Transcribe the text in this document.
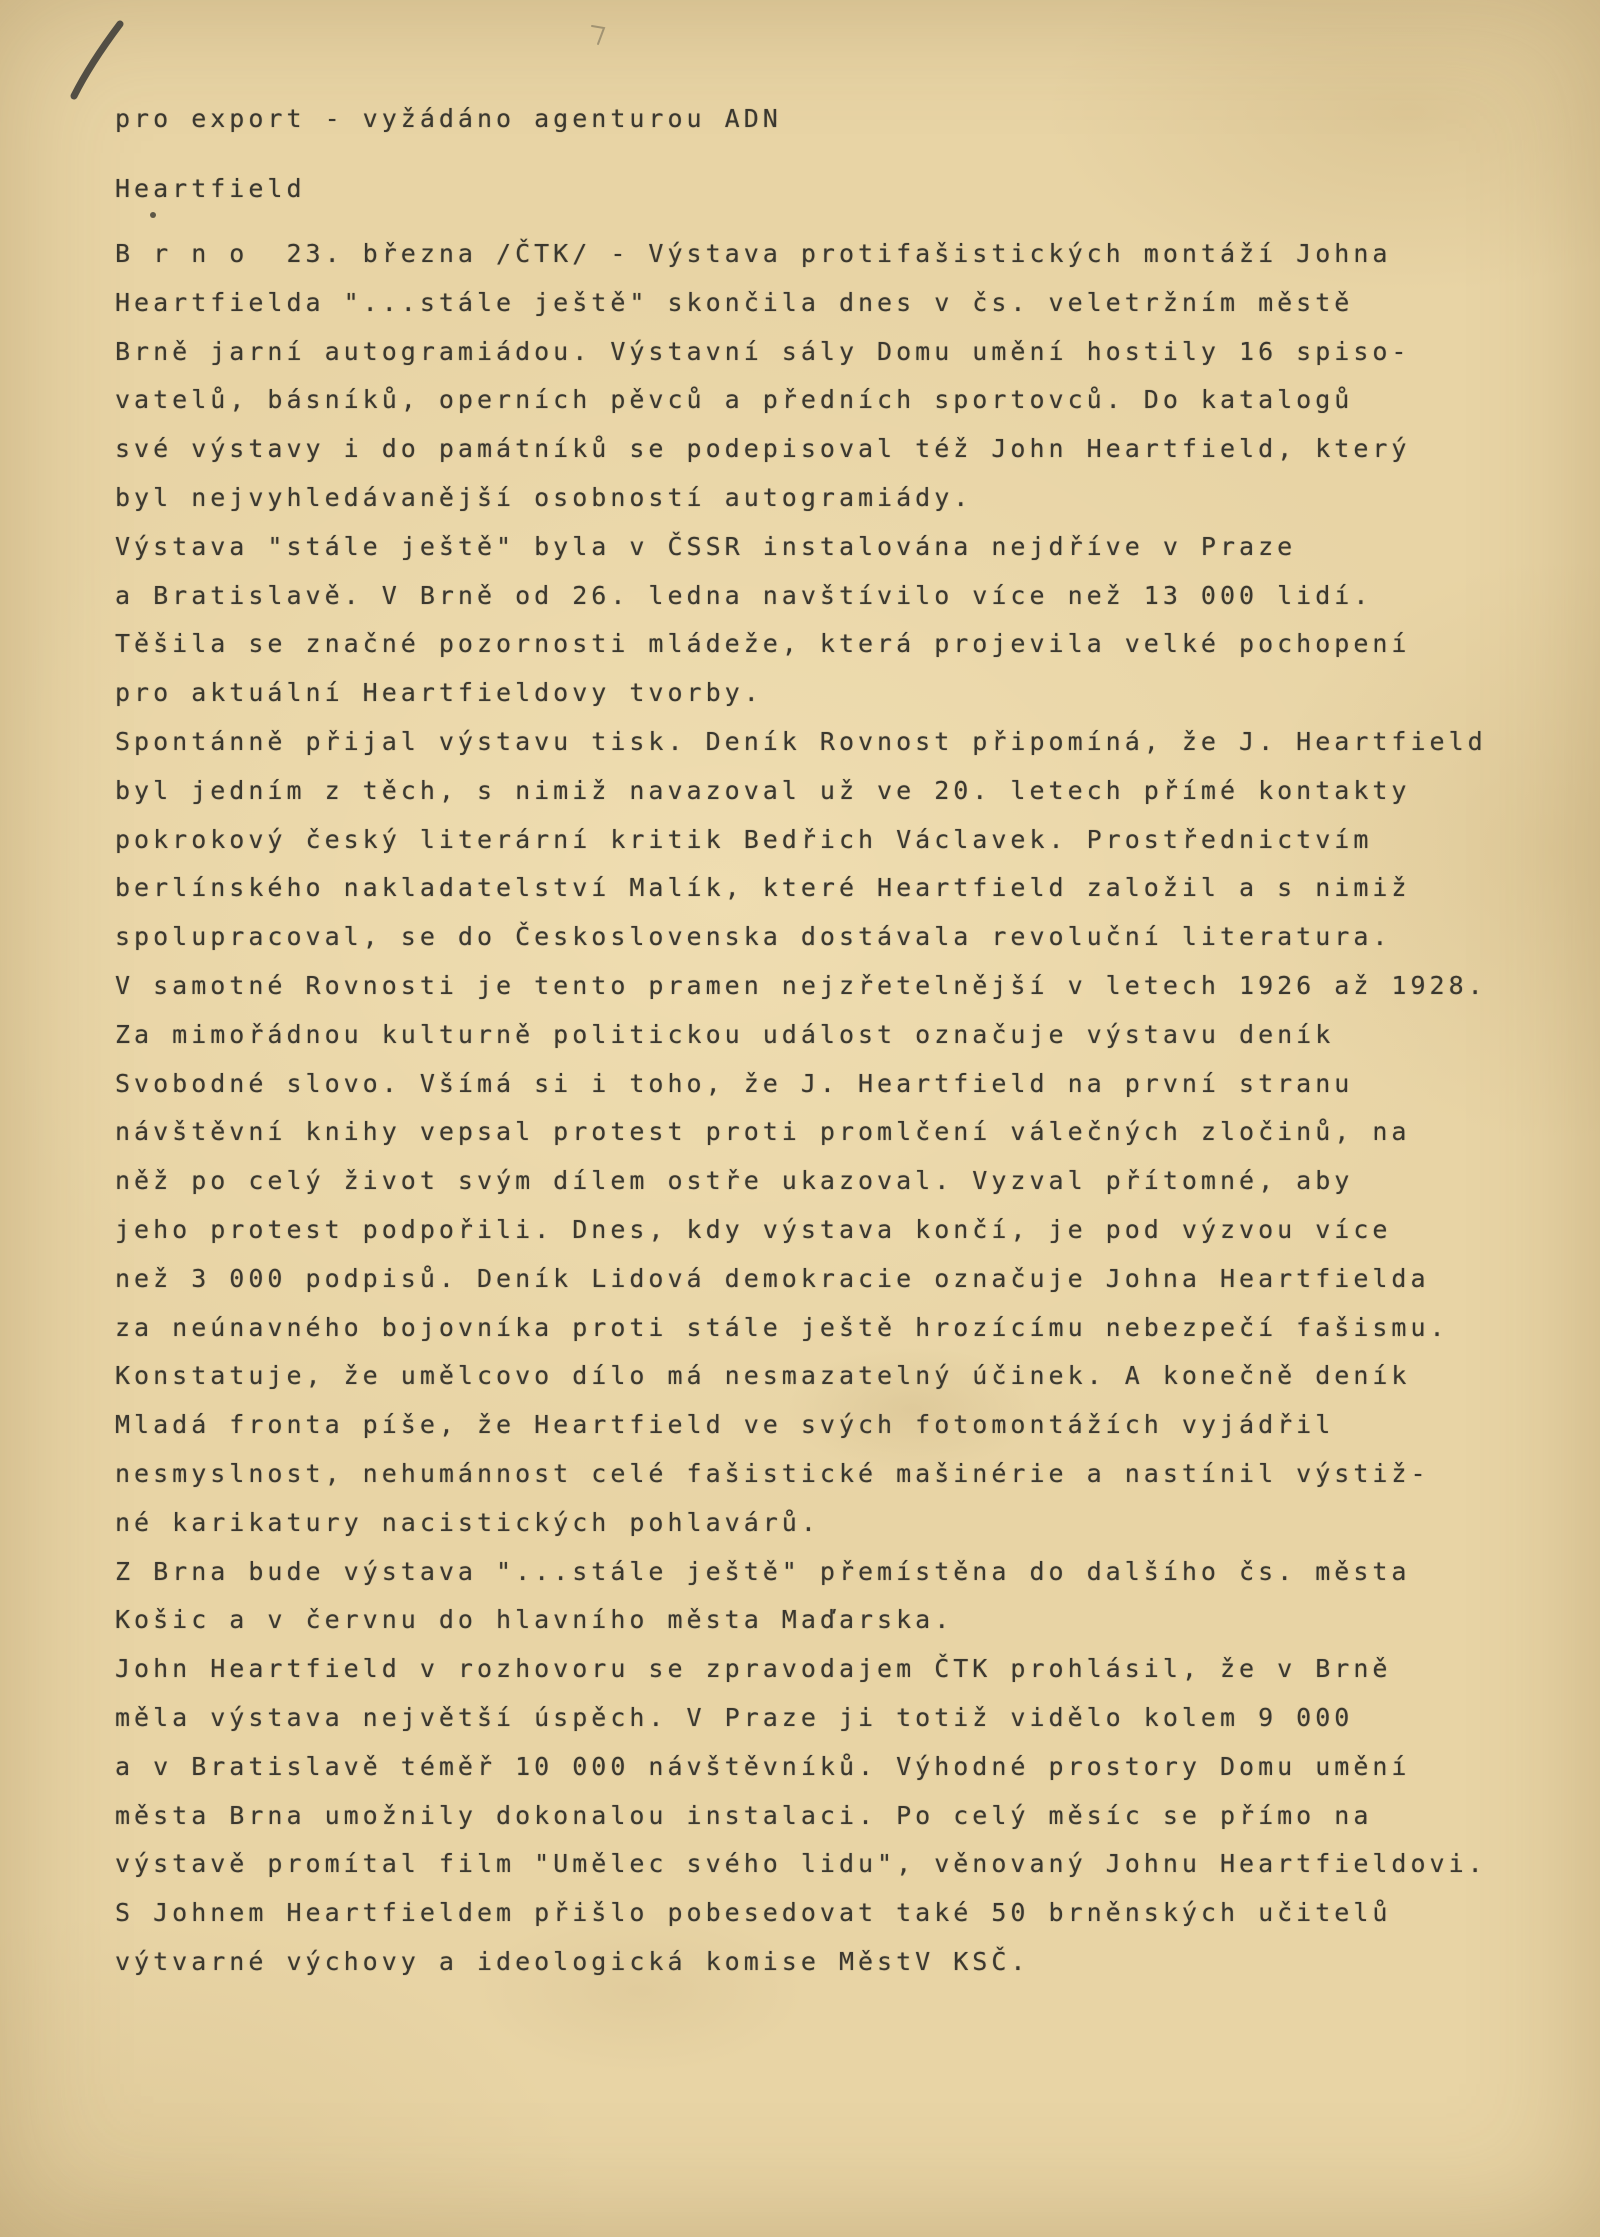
pro export - vyžádáno agenturou ADN
Heartfield
B r n o  23. března /ČTK/ - Výstava protifašistických montáží Johna
Heartfielda "...stále ještě" skončila dnes v čs. veletržním městě
Brně jarní autogramiádou. Výstavní sály Domu umění hostily 16 spiso-
vatelů, básníků, operních pěvců a předních sportovců. Do katalogů
své výstavy i do památníků se podepisoval též John Heartfield, který
byl nejvyhledávanější osobností autogramiády.
Výstava "stále ještě" byla v ČSSR instalována nejdříve v Praze
a Bratislavě. V Brně od 26. ledna navštívilo více než 13 000 lidí.
Těšila se značné pozornosti mládeže, která projevila velké pochopení
pro aktuální Heartfieldovy tvorby.
Spontánně přijal výstavu tisk. Deník Rovnost připomíná, že J. Heartfield
byl jedním z těch, s nimiž navazoval už ve 20. letech přímé kontakty
pokrokový český literární kritik Bedřich Václavek. Prostřednictvím
berlínského nakladatelství Malík, které Heartfield založil a s nimiž
spolupracoval, se do Československa dostávala revoluční literatura.
V samotné Rovnosti je tento pramen nejzřetelnější v letech 1926 až 1928.
Za mimořádnou kulturně politickou událost označuje výstavu deník
Svobodné slovo. Všímá si i toho, že J. Heartfield na první stranu
návštěvní knihy vepsal protest proti promlčení válečných zločinů, na
něž po celý život svým dílem ostře ukazoval. Vyzval přítomné, aby
jeho protest podpořili. Dnes, kdy výstava končí, je pod výzvou více
než 3 000 podpisů. Deník Lidová demokracie označuje Johna Heartfielda
za neúnavného bojovníka proti stále ještě hrozícímu nebezpečí fašismu.
Konstatuje, že umělcovo dílo má nesmazatelný účinek. A konečně deník
Mladá fronta píše, že Heartfield ve svých fotomontážích vyjádřil
nesmyslnost, nehumánnost celé fašistické mašinérie a nastínil výstiž-
né karikatury nacistických pohlavárů.
Z Brna bude výstava "...stále ještě" přemístěna do dalšího čs. města
Košic a v červnu do hlavního města Maďarska.
John Heartfield v rozhovoru se zpravodajem ČTK prohlásil, že v Brně
měla výstava největší úspěch. V Praze ji totiž vidělo kolem 9 000
a v Bratislavě téměř 10 000 návštěvníků. Výhodné prostory Domu umění
města Brna umožnily dokonalou instalaci. Po celý měsíc se přímo na
výstavě promítal film "Umělec svého lidu", věnovaný Johnu Heartfieldovi.
S Johnem Heartfieldem přišlo pobesedovat také 50 brněnských učitelů
výtvarné výchovy a ideologická komise MěstV KSČ.
